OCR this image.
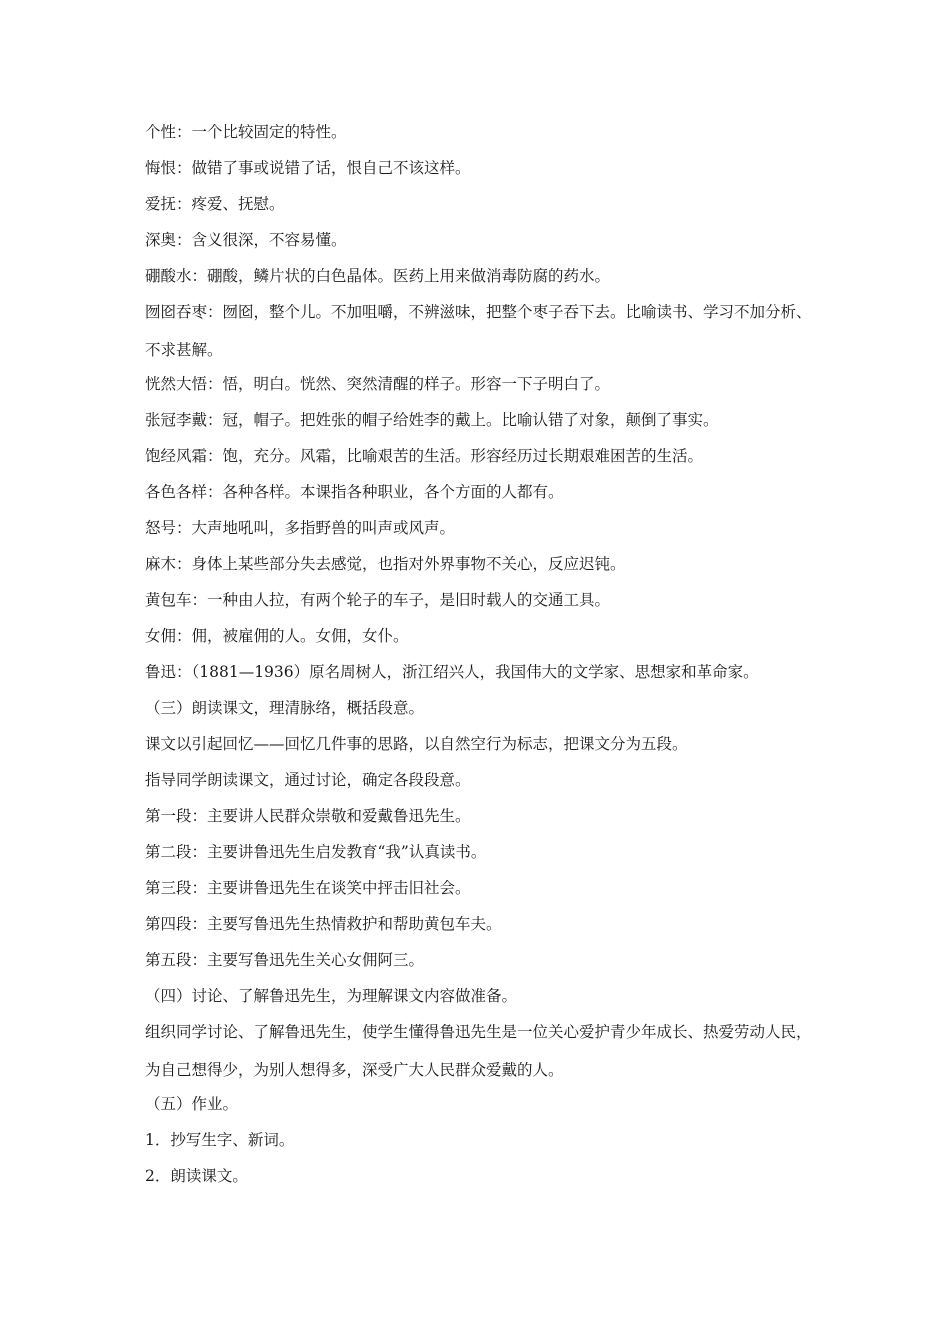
个性：一个比较固定的特性。

悔恨：做错了事或说错了话，恨自己不该这样。

爱抚：疼爱、抚慰。

深奥：含义很深，不容易懂。

硼酸水：硼酸，鳞片状的白色晶体。医药上用来做消毒防腐的药水。

囫囵吞枣：囫囵，整个儿。不加咀嚼，不辨滋味，把整个枣子吞下去。比喻读书、学习不加分析、不求甚解。

恍然大悟：悟，明白。恍然、突然清醒的样子。形容一下子明白了。

张冠李戴：冠，帽子。把姓张的帽子给姓李的戴上。比喻认错了对象，颠倒了事实。

饱经风霜：饱，充分。风霜，比喻艰苦的生活。形容经历过长期艰难困苦的生活。

各色各样：各种各样。本课指各种职业，各个方面的人都有。

怒号：大声地吼叫，多指野兽的叫声或风声。

麻木：身体上某些部分失去感觉，也指对外界事物不关心，反应迟钝。

黄包车：一种由人拉，有两个轮子的车子，是旧时载人的交通工具。

女佣：佣，被雇佣的人。女佣，女仆。

鲁迅：（1881—1936）原名周树人，浙江绍兴人，我国伟大的文学家、思想家和革命家。

（三）朗读课文，理清脉络，概括段意。

课文以引起回忆——回忆几件事的思路，以自然空行为标志，把课文分为五段。

指导同学朗读课文，通过讨论，确定各段段意。

第一段：主要讲人民群众崇敬和爱戴鲁迅先生。

第二段：主要讲鲁迅先生启发教育“我”认真读书。

第三段：主要讲鲁迅先生在谈笑中抨击旧社会。

第四段：主要写鲁迅先生热情救护和帮助黄包车夫。

第五段：主要写鲁迅先生关心女佣阿三。

（四）讨论、了解鲁迅先生，为理解课文内容做准备。

组织同学讨论、了解鲁迅先生，使学生懂得鲁迅先生是一位关心爱护青少年成长、热爱劳动人民，为自己想得少，为别人想得多，深受广大人民群众爱戴的人。

（五）作业。

1．抄写生字、新词。

2．朗读课文。
